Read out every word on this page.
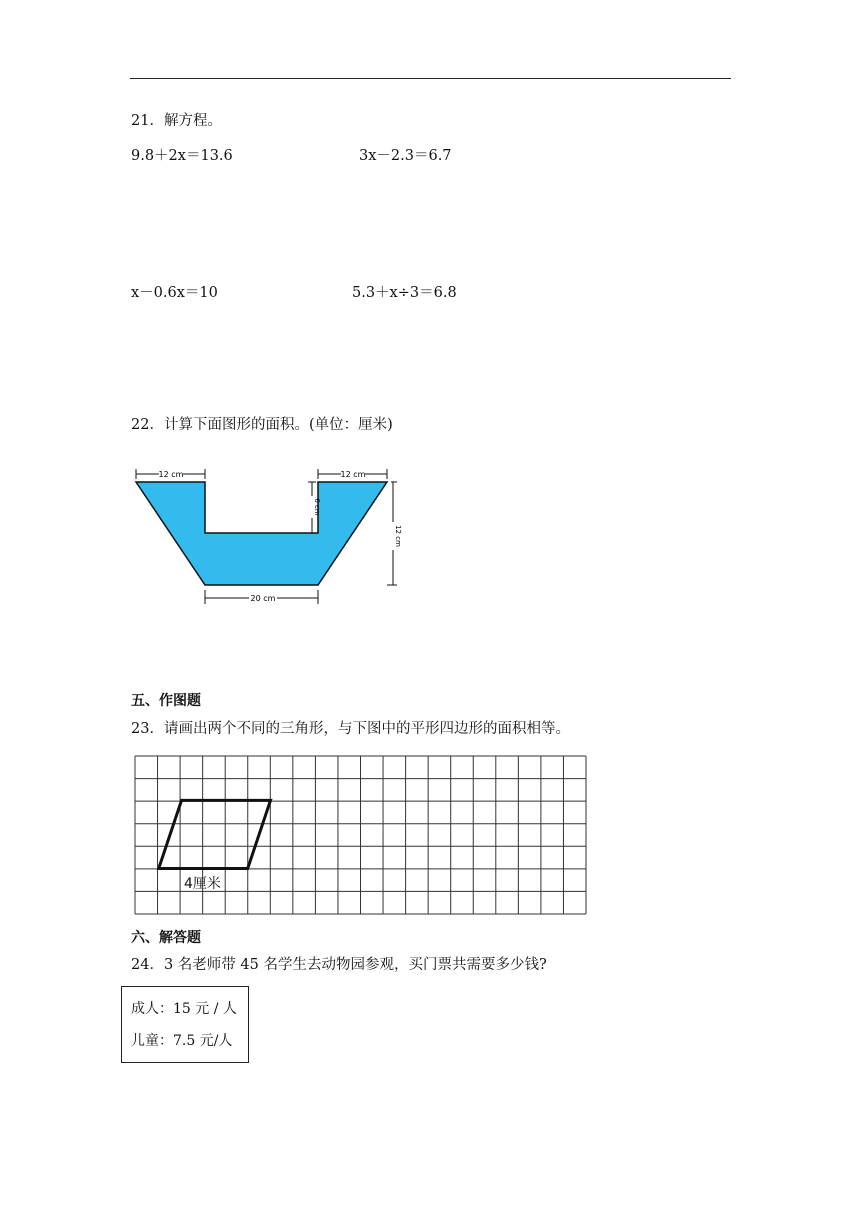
21．解方程。
9.8＋2x＝13.6	3x－2.3＝6.7
x－0.6x＝10	5.3＋x÷3＝6.8
22．计算下面图形的面积。(单位：厘米)
12 cm	12 cm
6 cm
12 cm
20 cm
五、作图题
23．请画出两个不同的三角形，与下图中的平形四边形的面积相等。
4厘米
六、解答题
24．3 名老师带 45 名学生去动物园参观，买门票共需要多少钱?
成人：15 元 / 人
儿童：7.5 元/人
